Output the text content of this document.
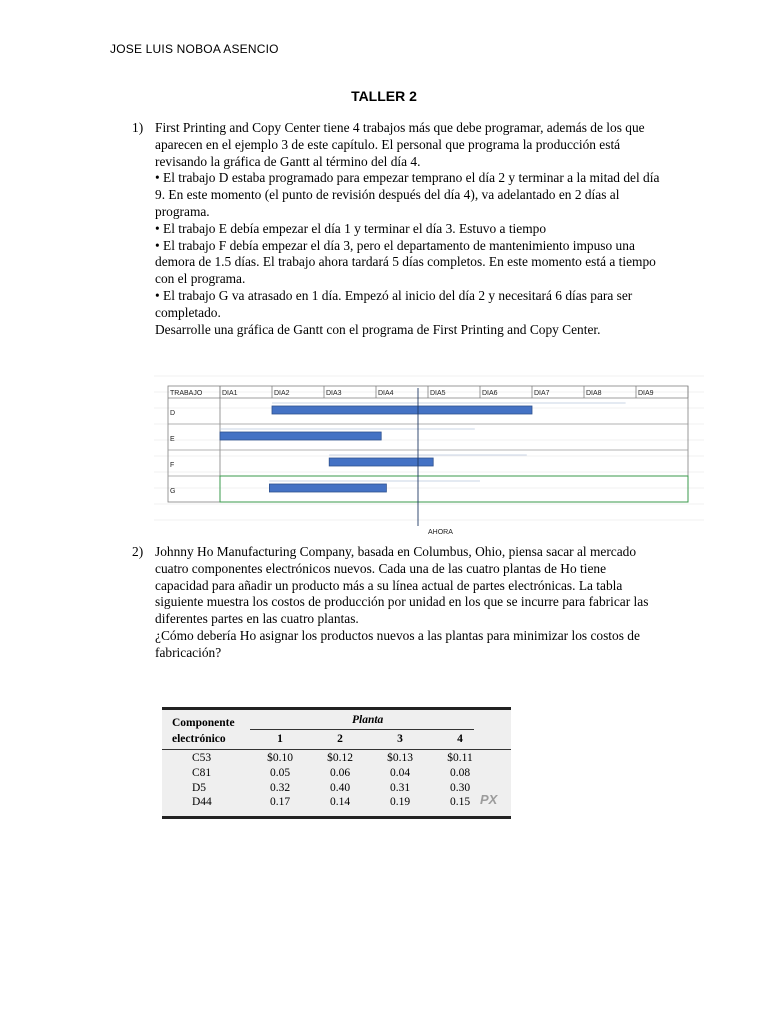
JOSE LUIS NOBOA ASENCIO
TALLER 2
1) First Printing and Copy Center tiene 4 trabajos más que debe programar, además de los que aparecen en el ejemplo 3 de este capítulo. El personal que programa la producción está revisando la gráfica de Gantt al término del día 4.

• El trabajo D estaba programado para empezar temprano el día 2 y terminar a la mitad del día 9. En este momento (el punto de revisión después del día 4), va adelantado en 2 días al programa.

• El trabajo E debía empezar el día 1 y terminar el día 3. Estuvo a tiempo

• El trabajo F debía empezar el día 3, pero el departamento de mantenimiento impuso una demora de 1.5 días. El trabajo ahora tardará 5 días completos. En este momento está a tiempo con el programa.

• El trabajo G va atrasado en 1 día. Empezó al inicio del día 2 y necesitará 6 días para ser completado.

Desarrolle una gráfica de Gantt con el programa de First Printing and Copy Center.

TRABAJO	DIA1	DIA2	DIA3	DIA4	DIA5	DIA6	DIA7	DIA8	DIA9
D
E
F
G
AHORA
2) Johnny Ho Manufacturing Company, basada en Columbus, Ohio, piensa sacar al mercado cuatro componentes electrónicos nuevos. Cada una de las cuatro plantas de Ho tiene capacidad para añadir un producto más a su línea actual de partes electrónicas. La tabla siguiente muestra los costos de producción por unidad en los que se incurre para fabricar las diferentes partes en las cuatro plantas.

¿Cómo debería Ho asignar los productos nuevos a las plantas para minimizar los costos de fabricación?

Componente
electrónico
Planta
1	2	3	4
C53	$0.10	$0.12	$0.13	$0.11
C81	0.05	0.06	0.04	0.08
D5	0.32	0.40	0.31	0.30
D44	0.17	0.14	0.19	0.15 PX
